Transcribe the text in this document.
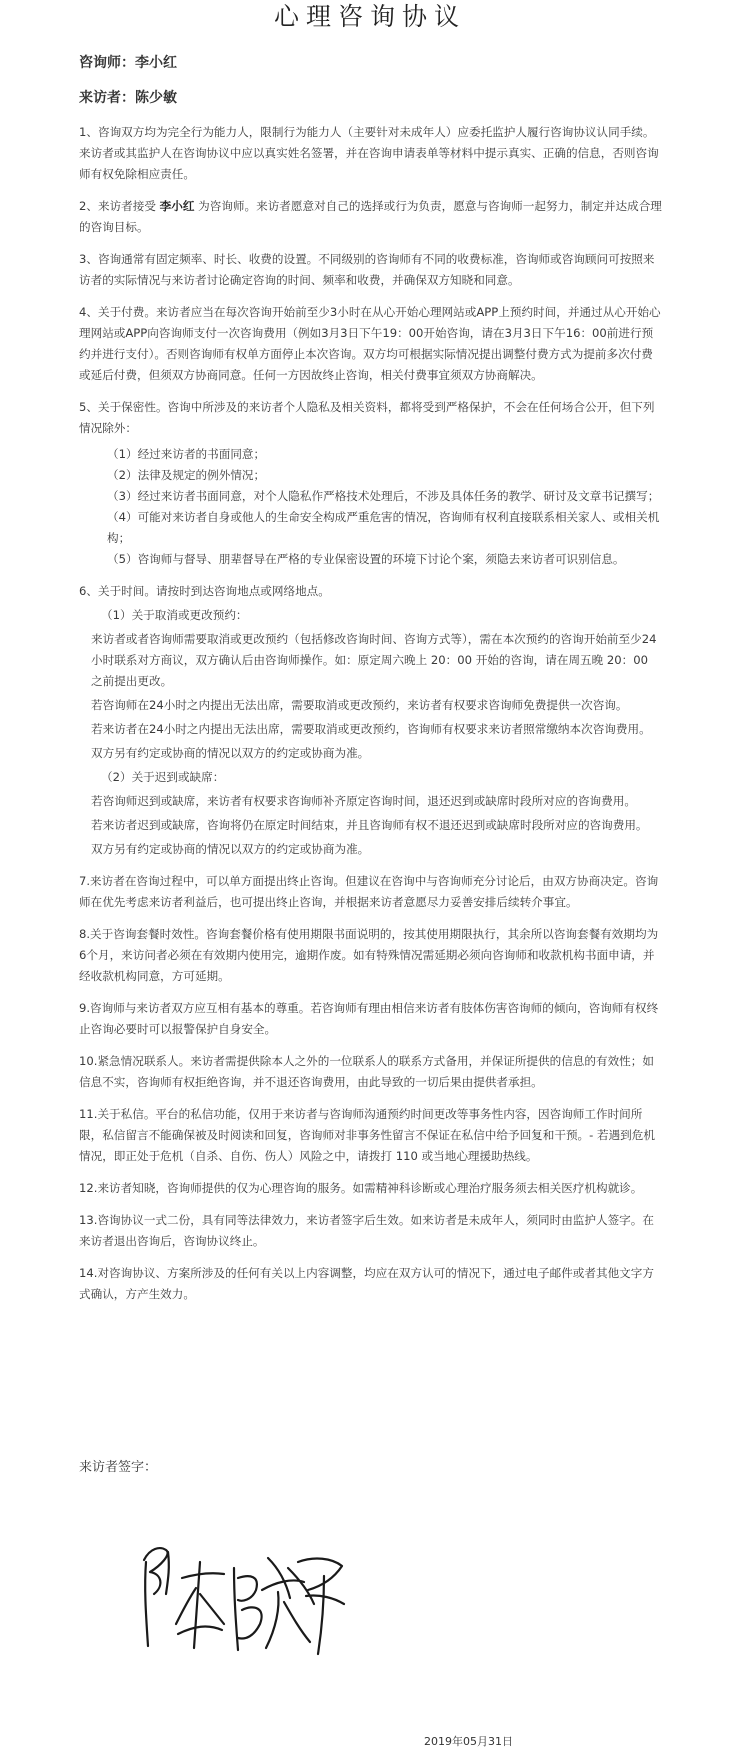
心理咨询协议
咨询师：李小红
来访者：陈少敏

1、咨询双方均为完全行为能力人，限制行为能力人（主要针对未成年人）应委托监护人履行咨询协议认同手续。来访者或其监护人在咨询协议中应以真实姓名签署，并在咨询申请表单等材料中提示真实、正确的信息，否则咨询师有权免除相应责任。

2、来访者接受 李小红 为咨询师。来访者愿意对自己的选择或行为负责，愿意与咨询师一起努力，制定并达成合理的咨询目标。

3、咨询通常有固定频率、时长、收费的设置。不同级别的咨询师有不同的收费标准，咨询师或咨询顾问可按照来访者的实际情况与来访者讨论确定咨询的时间、频率和收费，并确保双方知晓和同意。

4、关于付费。来访者应当在每次咨询开始前至少3小时在从心开始心理网站或APP上预约时间，并通过从心开始心理网站或APP向咨询师支付一次咨询费用（例如3月3日下午19：00开始咨询，请在3月3日下午16：00前进行预约并进行支付）。否则咨询师有权单方面停止本次咨询。双方均可根据实际情况提出调整付费方式为提前多次付费或延后付费，但须双方协商同意。任何一方因故终止咨询，相关付费事宜须双方协商解决。

5、关于保密性。咨询中所涉及的来访者个人隐私及相关资料，都将受到严格保护，不会在任何场合公开，但下列情况除外：

（1）经过来访者的书面同意；

（2）法律及规定的例外情况；

（3）经过来访者书面同意，对个人隐私作严格技术处理后，不涉及具体任务的教学、研讨及文章书记撰写；

（4）可能对来访者自身或他人的生命安全构成严重危害的情况，咨询师有权利直接联系相关家人、或相关机构；

（5）咨询师与督导、朋辈督导在严格的专业保密设置的环境下讨论个案，须隐去来访者可识别信息。

6、关于时间。请按时到达咨询地点或网络地点。

（1）关于取消或更改预约：

来访者或者咨询师需要取消或更改预约（包括修改咨询时间、咨询方式等），需在本次预约的咨询开始前至少24小时联系对方商议，双方确认后由咨询师操作。如：原定周六晚上 20：00 开始的咨询，请在周五晚 20：00 之前提出更改。

若咨询师在24小时之内提出无法出席，需要取消或更改预约，来访者有权要求咨询师免费提供一次咨询。

若来访者在24小时之内提出无法出席，需要取消或更改预约，咨询师有权要求来访者照常缴纳本次咨询费用。

双方另有约定或协商的情况以双方的约定或协商为准。

（2）关于迟到或缺席：

若咨询师迟到或缺席，来访者有权要求咨询师补齐原定咨询时间，退还迟到或缺席时段所对应的咨询费用。

若来访者迟到或缺席，咨询将仍在原定时间结束，并且咨询师有权不退还迟到或缺席时段所对应的咨询费用。

双方另有约定或协商的情况以双方的约定或协商为准。

7.来访者在咨询过程中，可以单方面提出终止咨询。但建议在咨询中与咨询师充分讨论后，由双方协商决定。咨询师在优先考虑来访者利益后，也可提出终止咨询，并根据来访者意愿尽力妥善安排后续转介事宜。

8.关于咨询套餐时效性。咨询套餐价格有使用期限书面说明的，按其使用期限执行，其余所以咨询套餐有效期均为6个月，来访问者必须在有效期内使用完，逾期作废。如有特殊情况需延期必须向咨询师和收款机构书面申请，并经收款机构同意，方可延期。

9.咨询师与来访者双方应互相有基本的尊重。若咨询师有理由相信来访者有肢体伤害咨询师的倾向，咨询师有权终止咨询必要时可以报警保护自身安全。

10.紧急情况联系人。来访者需提供除本人之外的一位联系人的联系方式备用，并保证所提供的信息的有效性；如信息不实，咨询师有权拒绝咨询，并不退还咨询费用，由此导致的一切后果由提供者承担。

11.关于私信。平台的私信功能，仅用于来访者与咨询师沟通预约时间更改等事务性内容，因咨询师工作时间所限，私信留言不能确保被及时阅读和回复，咨询师对非事务性留言不保证在私信中给予回复和干预。- 若遇到危机情况，即正处于危机（自杀、自伤、伤人）风险之中，请拨打 110 或当地心理援助热线。

12.来访者知晓，咨询师提供的仅为心理咨询的服务。如需精神科诊断或心理治疗服务须去相关医疗机构就诊。

13.咨询协议一式二份，具有同等法律效力，来访者签字后生效。如来访者是未成年人，须同时由监护人签字。在来访者退出咨询后，咨询协议终止。

14.对咨询协议、方案所涉及的任何有关以上内容调整，均应在双方认可的情况下，通过电子邮件或者其他文字方式确认，方产生效力。

来访者签字：
2019年05月31日
